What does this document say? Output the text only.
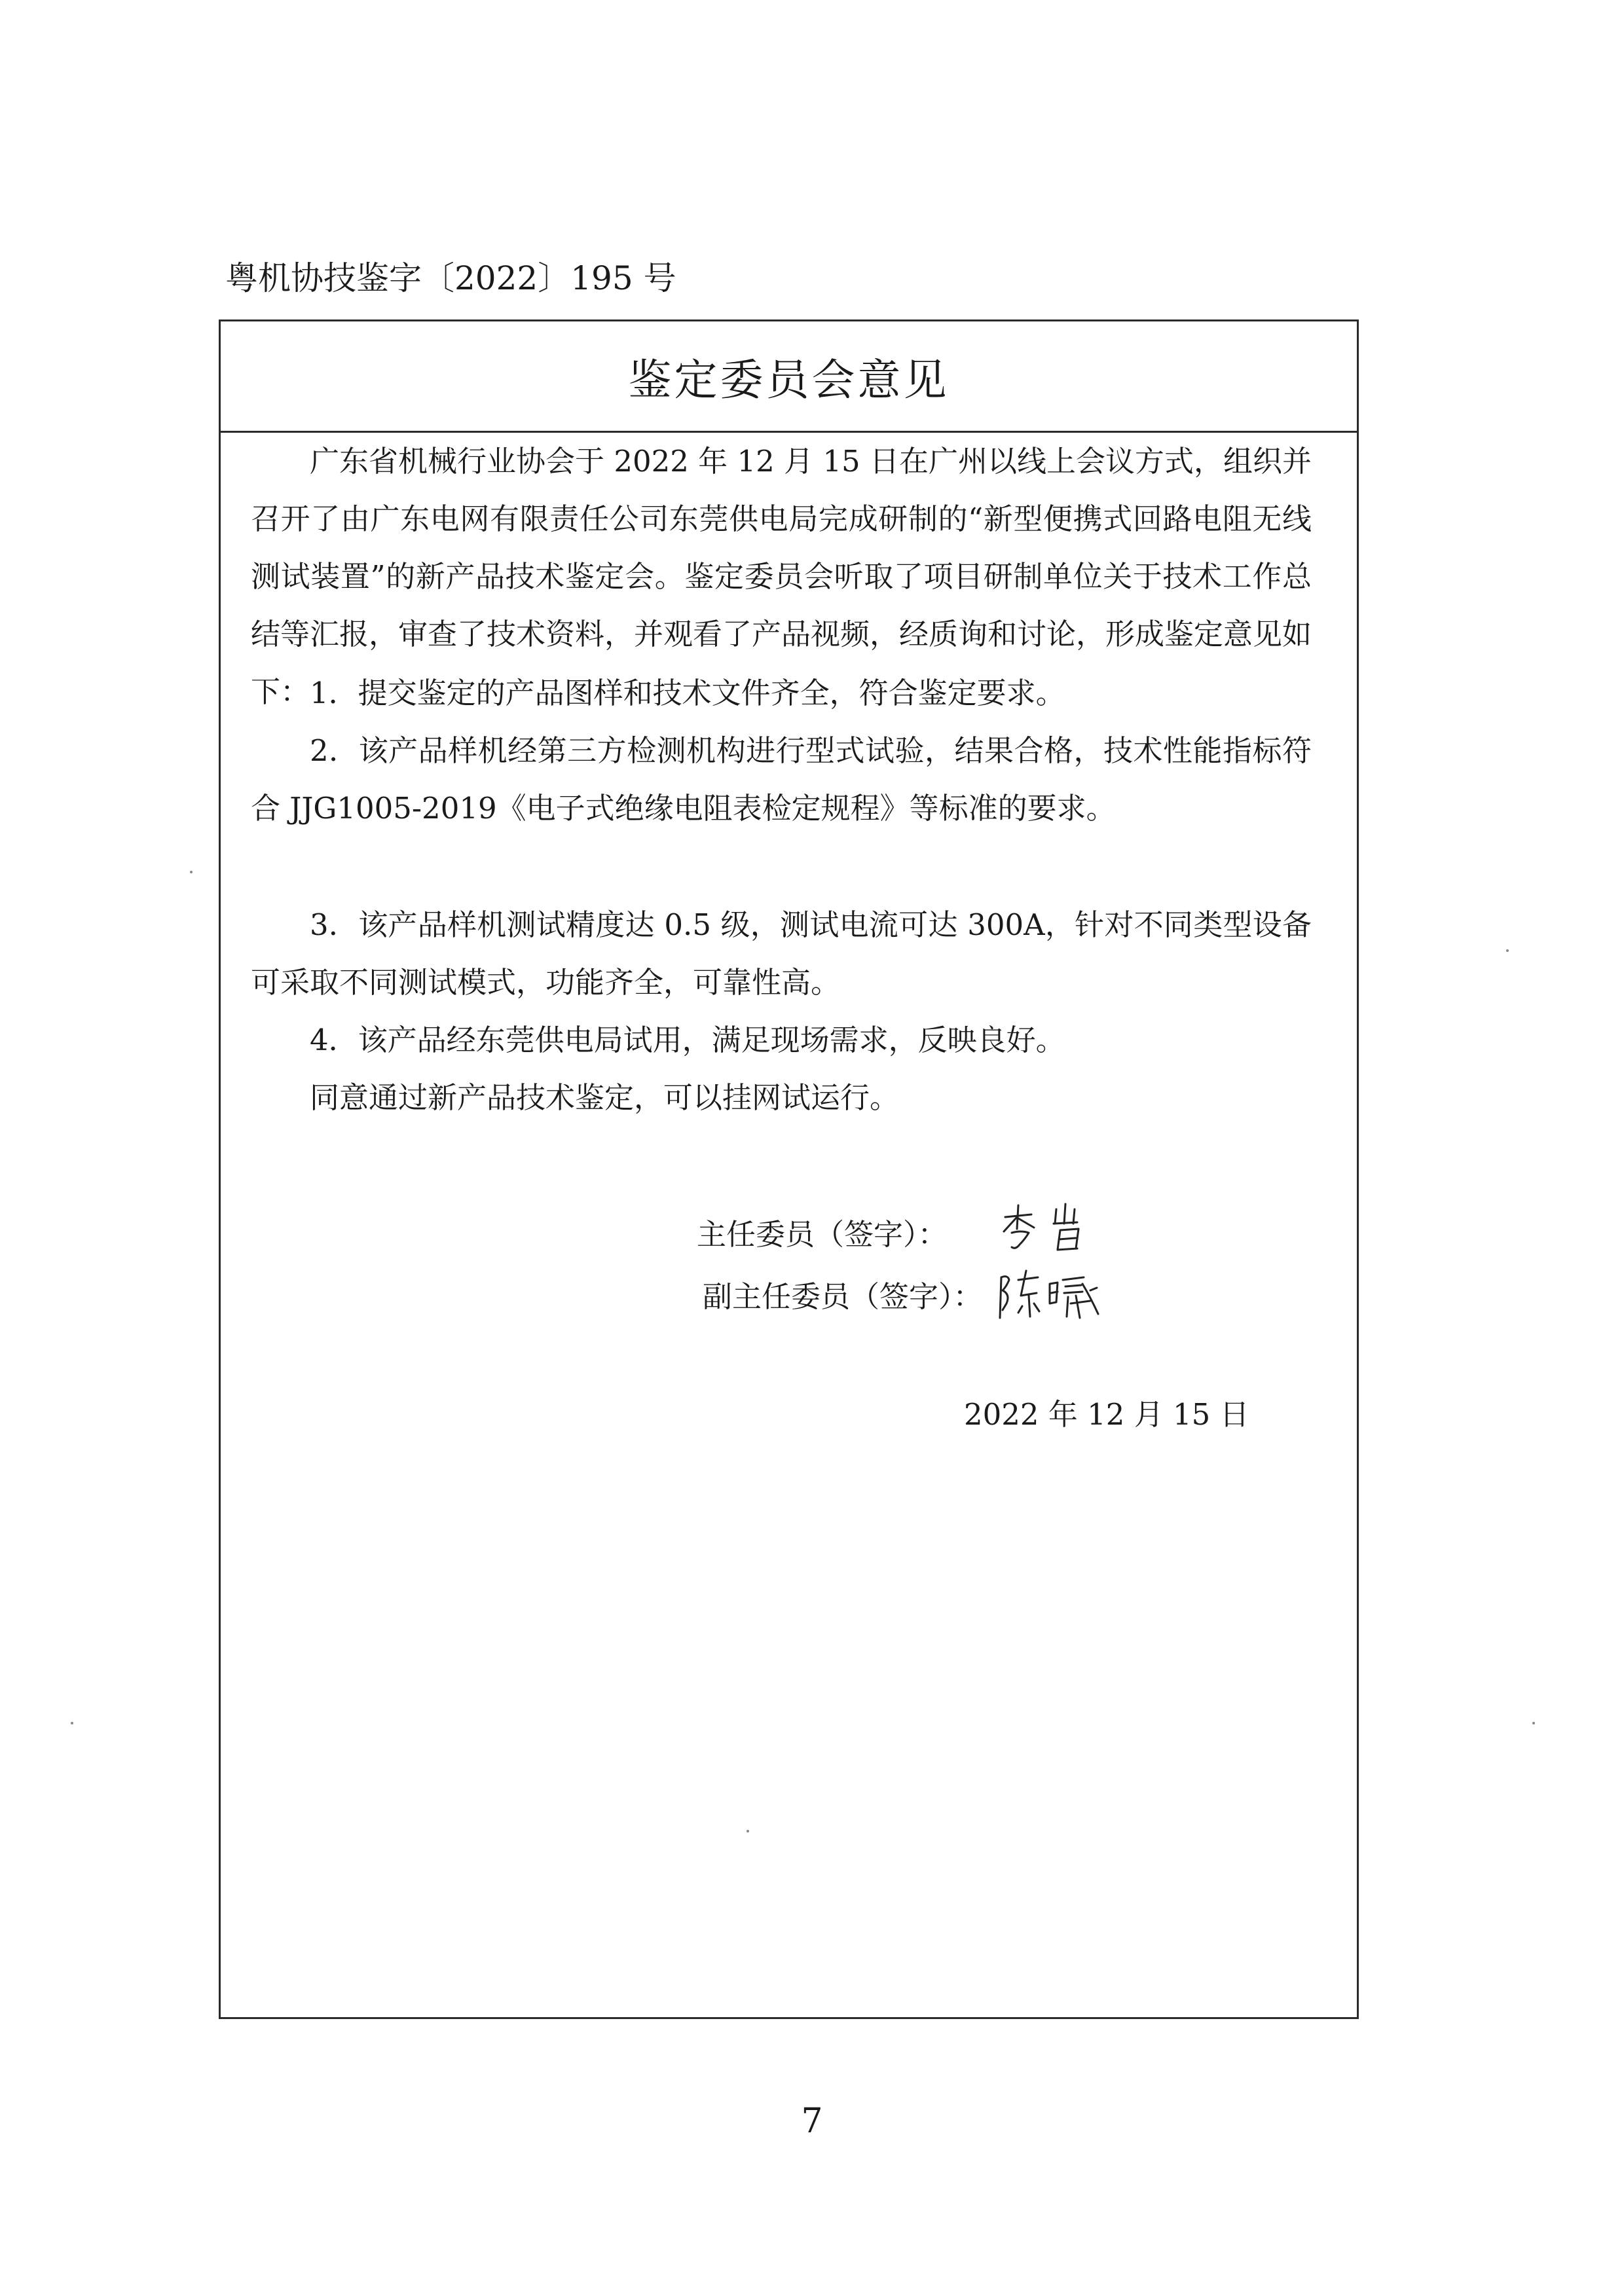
粤机协技鉴字〔2022〕195 号
鉴定委员会意见

广东省机械行业协会于 2022 年 12 月 15 日在广州以线上会议方式，组织并召开了由广东电网有限责任公司东莞供电局完成研制的“新型便携式回路电阻无线测试装置”的新产品技术鉴定会。鉴定委员会听取了项目研制单位关于技术工作总结等汇报，审查了技术资料，并观看了产品视频，经质询和讨论，形成鉴定意见如下： 1．提交鉴定的产品图样和技术文件齐全，符合鉴定要求。

2．该产品样机经第三方检测机构进行型式试验，结果合格，技术性能指标符合 JJG1005-2019《电子式绝缘电阻表检定规程》等标准的要求。

3．该产品样机测试精度达 0.5 级，测试电流可达 300A，针对不同类型设备可采取不同测试模式，功能齐全，可靠性高。

4．该产品经东莞供电局试用，满足现场需求，反映良好。

同意通过新产品技术鉴定，可以挂网试运行。

主任委员（签字）：
副主任委员（签字）：
2022 年 12 月 15 日
7
